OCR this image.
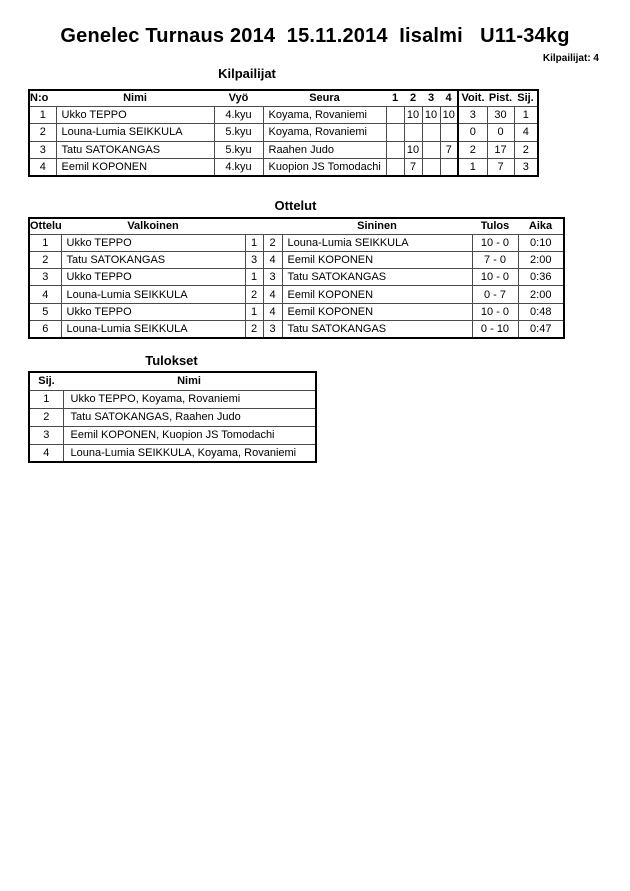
Genelec Turnaus 2014  15.11.2014  Iisalmi   U11-34kg
Kilpailijat: 4
Kilpailijat
N:o	Nimi	Vyö	Seura	1	2	3	4	Voit.	Pist.	Sij.
1	Ukko TEPPO	4.kyu	Koyama, Rovaniemi		10	10	10	3	30	1
2	Louna-Lumia SEIKKULA	5.kyu	Koyama, Rovaniemi					0	0	4
3	Tatu SATOKANGAS	5.kyu	Raahen Judo		10		7	2	17	2
4	Eemil KOPONEN	4.kyu	Kuopion JS Tomodachi		7			1	7	3
Ottelut
Ottelu	Valkoinen			Sininen	Tulos	Aika
1	Ukko TEPPO	1	2	Louna-Lumia SEIKKULA	10 - 0	0:10
2	Tatu SATOKANGAS	3	4	Eemil KOPONEN	7 - 0	2:00
3	Ukko TEPPO	1	3	Tatu SATOKANGAS	10 - 0	0:36
4	Louna-Lumia SEIKKULA	2	4	Eemil KOPONEN	0 - 7	2:00
5	Ukko TEPPO	1	4	Eemil KOPONEN	10 - 0	0:48
6	Louna-Lumia SEIKKULA	2	3	Tatu SATOKANGAS	0 - 10	0:47
Tulokset
Sij.	Nimi
1	Ukko TEPPO, Koyama, Rovaniemi
2	Tatu SATOKANGAS, Raahen Judo
3	Eemil KOPONEN, Kuopion JS Tomodachi
4	Louna-Lumia SEIKKULA, Koyama, Rovaniemi
